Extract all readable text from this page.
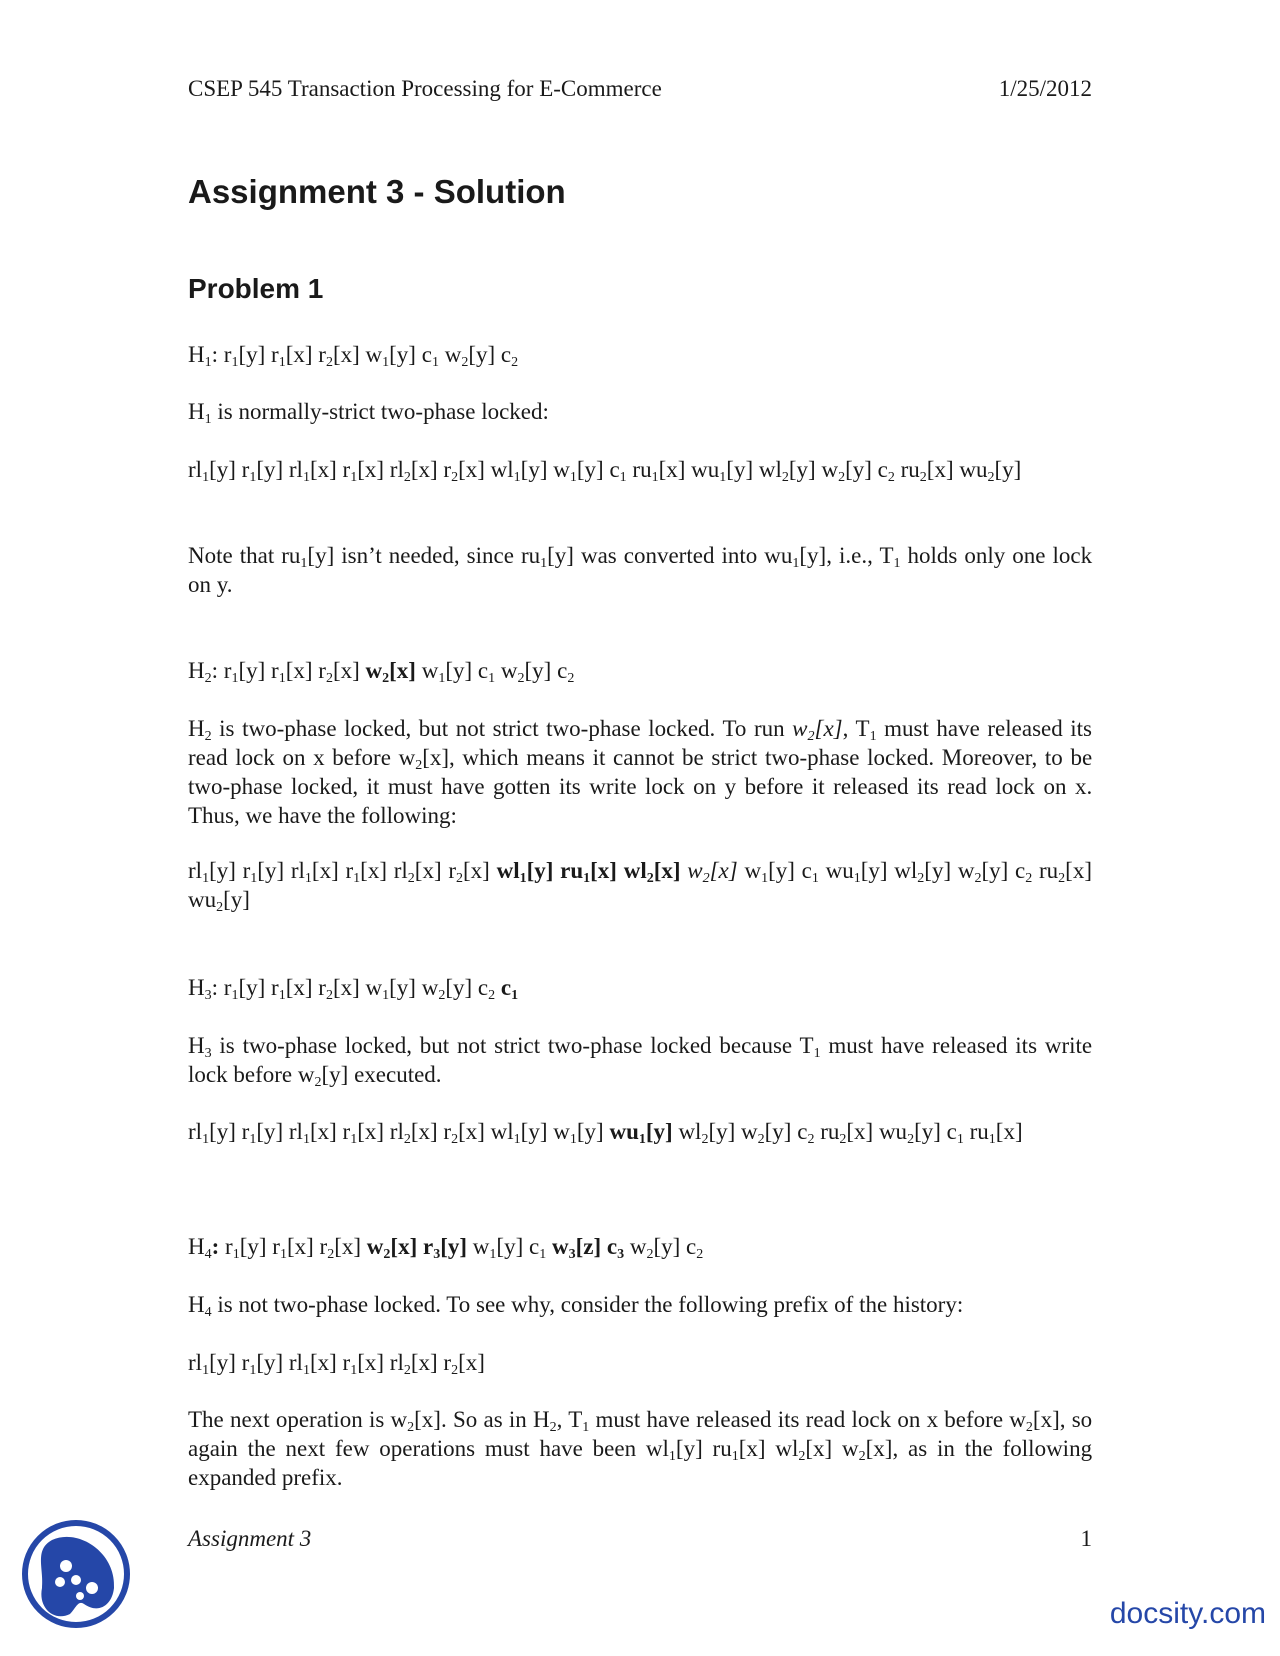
CSEP 545 Transaction Processing for E-Commerce	1/25/2012
Assignment 3 - Solution
Problem 1

$H_1$: $r_1[y]$ $r_1[x]$ $r_2[x]$ $w_1[y]$ $c_1$ $w_2[y]$ $c_2$

$H_1$ is normally-strict two-phase locked:

$rl_1[y]$ $r_1[y]$ $rl_1[x]$ $r_1[x]$ $rl_2[x]$ $r_2[x]$ $wl_1[y]$ $w_1[y]$ $c_1$ $ru_1[x]$ $wu_1[y]$ $wl_2[y]$ $w_2[y]$ $c_2$ $ru_2[x]$ $wu_2[y]$

Note that $ru_1[y]$ isn’t needed, since $ru_1[y]$ was converted into $wu_1[y]$, i.e., $T_1$ holds only one lock on y.

$H_2$: $r_1[y]$ $r_1[x]$ $r_2[x]$ $w_2[x]$ $w_1[y]$ $c_1$ $w_2[y]$ $c_2$

$H_2$ is two-phase locked, but not strict two-phase locked. To run $w_2[x]$, $T_1$ must have released its read lock on x before $w_2[x]$, which means it cannot be strict two-phase locked. Moreover, to be two-phase locked, it must have gotten its write lock on y before it released its read lock on x. Thus, we have the following:

$rl_1[y]$ $r_1[y]$ $rl_1[x]$ $r_1[x]$ $rl_2[x]$ $r_2[x]$ $wl_1[y]$ $ru_1[x]$ $wl_2[x]$ $w_2[x]$ $w_1[y]$ $c_1$ $wu_1[y]$ $wl_2[y]$ $w_2[y]$ $c_2$ $ru_2[x]$ $wu_2[y]$

$H_3$: $r_1[y]$ $r_1[x]$ $r_2[x]$ $w_1[y]$ $w_2[y]$ $c_2$ $c_1$

$H_3$ is two-phase locked, but not strict two-phase locked because $T_1$ must have released its write lock before $w_2[y]$ executed.

$rl_1[y]$ $r_1[y]$ $rl_1[x]$ $r_1[x]$ $rl_2[x]$ $r_2[x]$ $wl_1[y]$ $w_1[y]$ $wu_1[y]$ $wl_2[y]$ $w_2[y]$ $c_2$ $ru_2[x]$ $wu_2[y]$ $c_1$ $ru_1[x]$

$H_4$: $r_1[y]$ $r_1[x]$ $r_2[x]$ $w_2[x]$ $r_3[y]$ $w_1[y]$ $c_1$ $w_3[z]$ $c_3$ $w_2[y]$ $c_2$

$H_4$ is not two-phase locked. To see why, consider the following prefix of the history:

$rl_1[y]$ $r_1[y]$ $rl_1[x]$ $r_1[x]$ $rl_2[x]$ $r_2[x]$

The next operation is $w_2[x]$. So as in $H_2$, $T_1$ must have released its read lock on x before $w_2[x]$, so again the next few operations must have been $wl_1[y]$ $ru_1[x]$ $wl_2[x]$ $w_2[x]$, as in the following expanded prefix.

Assignment 3	1
docsity.com
